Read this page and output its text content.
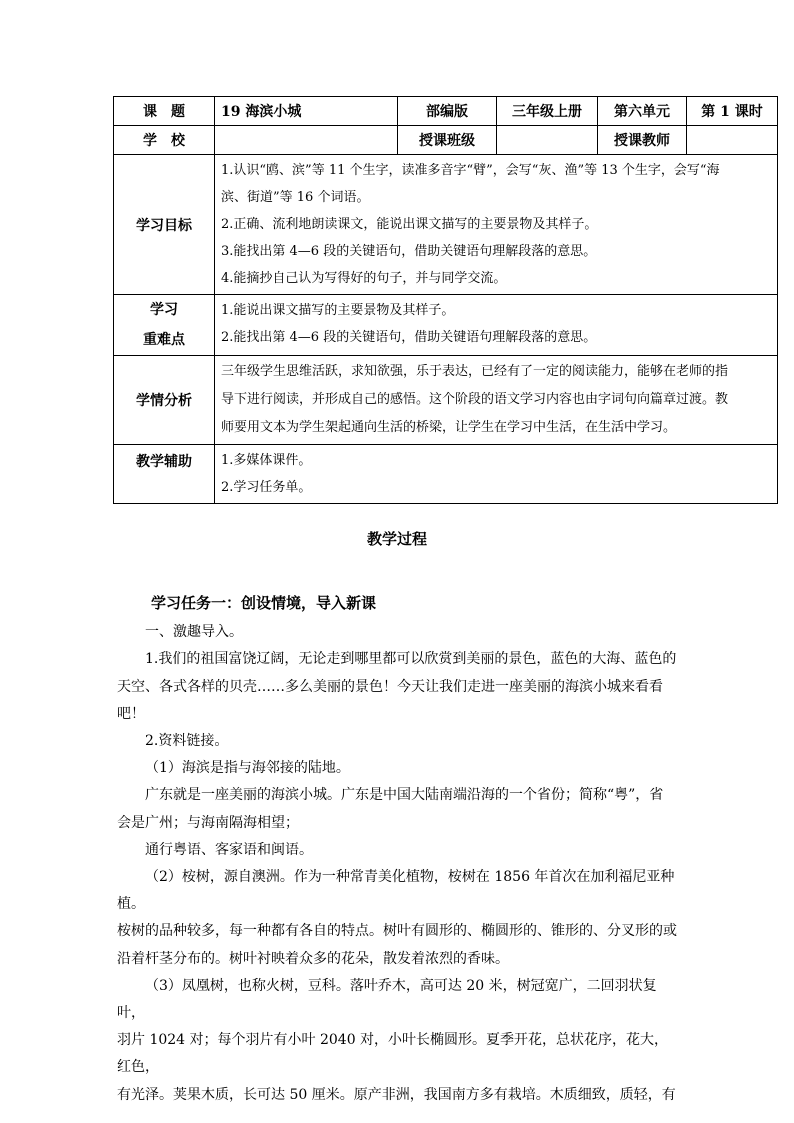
课　题	19 海滨小城	部编版	三年级上册	第六单元	第 1 课时
学　校		授课班级		授课教师	
学习目标	1.认识“鸥、滨”等 11 个生字，读准多音字“臂”，会写“灰、渔”等 13 个生字，会写“海
滨、街道”等 16 个词语。
2.正确、流利地朗读课文，能说出课文描写的主要景物及其样子。
3.能找出第 4—6 段的关键语句，借助关键语句理解段落的意思。
4.能摘抄自己认为写得好的句子，并与同学交流。				

学习
重难点	1.能说出课文描写的主要景物及其样子。
2.能找出第 4—6 段的关键语句，借助关键语句理解段落的意思。				

学情分析	三年级学生思维活跃，求知欲强，乐于表达，已经有了一定的阅读能力，能够在老师的指
导下进行阅读，并形成自己的感悟。这个阶段的语文学习内容也由字词句向篇章过渡。教
师要用文本为学生架起通向生活的桥梁，让学生在学习中生活，在生活中学习。				

教学辅助	1.多媒体课件。
2.学习任务单。				
教学过程

学习任务一：创设情境，导入新课

一、激趣导入。

1.我们的祖国富饶辽阔，无论走到哪里都可以欣赏到美丽的景色，蓝色的大海、蓝色的

天空、各式各样的贝壳……多么美丽的景色！今天让我们走进一座美丽的海滨小城来看看

吧！

2.资料链接。

（1）海滨是指与海邻接的陆地。

广东就是一座美丽的海滨小城。广东是中国大陆南端沿海的一个省份；简称“粤”，省

会是广州；与海南隔海相望；

通行粤语、客家语和闽语。

（2）桉树，源自澳洲。作为一种常青美化植物，桉树在 1856 年首次在加利福尼亚种植。

桉树的品种较多，每一种都有各自的特点。树叶有圆形的、椭圆形的、锥形的、分叉形的或

沿着杆茎分布的。树叶衬映着众多的花朵，散发着浓烈的香味。

（3）凤凰树，也称火树，豆科。落叶乔木，高可达 20 米，树冠宽广，二回羽状复叶，

羽片 1024 对；每个羽片有小叶 2040 对，小叶长椭圆形。夏季开花，总状花序，花大，红色，

有光泽。荚果木质，长可达 50 厘米。原产非洲，我国南方多有栽培。木质细致，质轻，有
